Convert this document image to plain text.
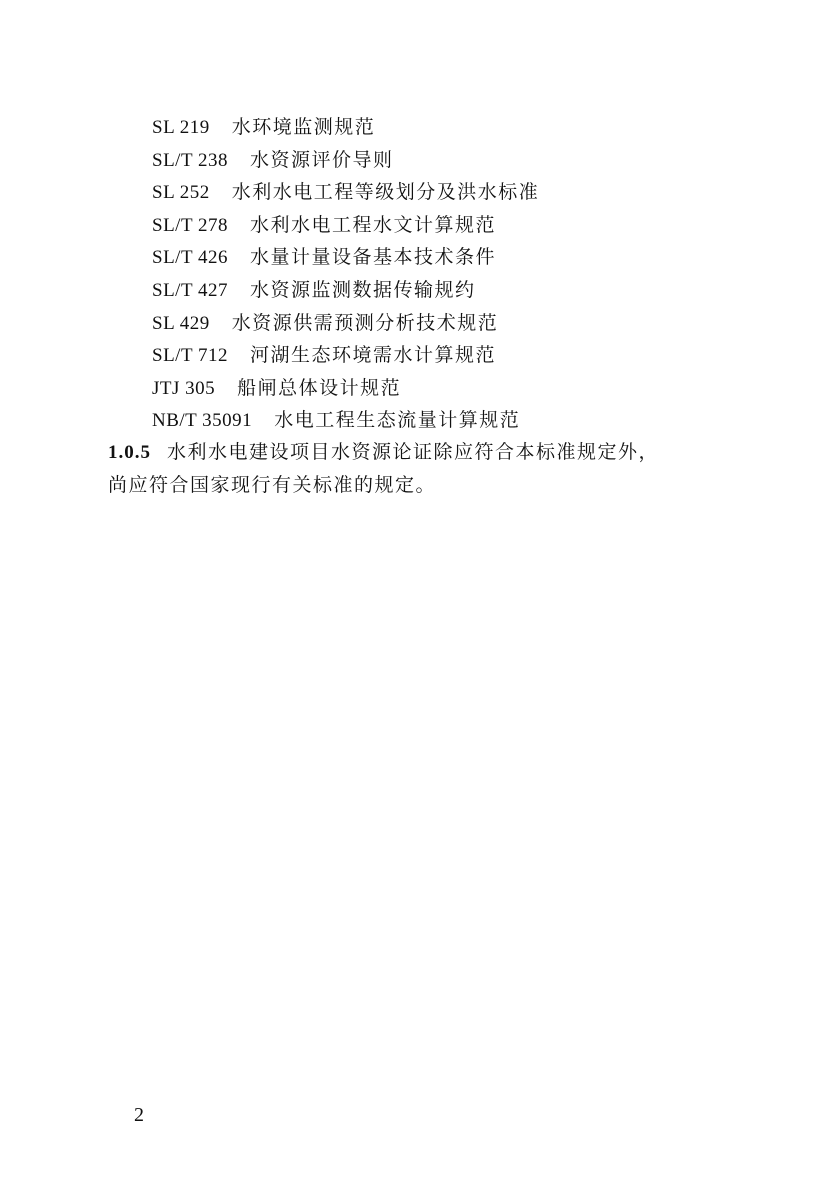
SL 219 水环境监测规范
SL/T 238 水资源评价导则
SL 252 水利水电工程等级划分及洪水标准
SL/T 278 水利水电工程水文计算规范
SL/T 426 水量计量设备基本技术条件
SL/T 427 水资源监测数据传输规约
SL 429 水资源供需预测分析技术规范
SL/T 712 河湖生态环境需水计算规范
JTJ 305 船闸总体设计规范
NB/T 35091 水电工程生态流量计算规范
1.0.5 水利水电建设项目水资源论证除应符合本标准规定外，
尚应符合国家现行有关标准的规定。
2
